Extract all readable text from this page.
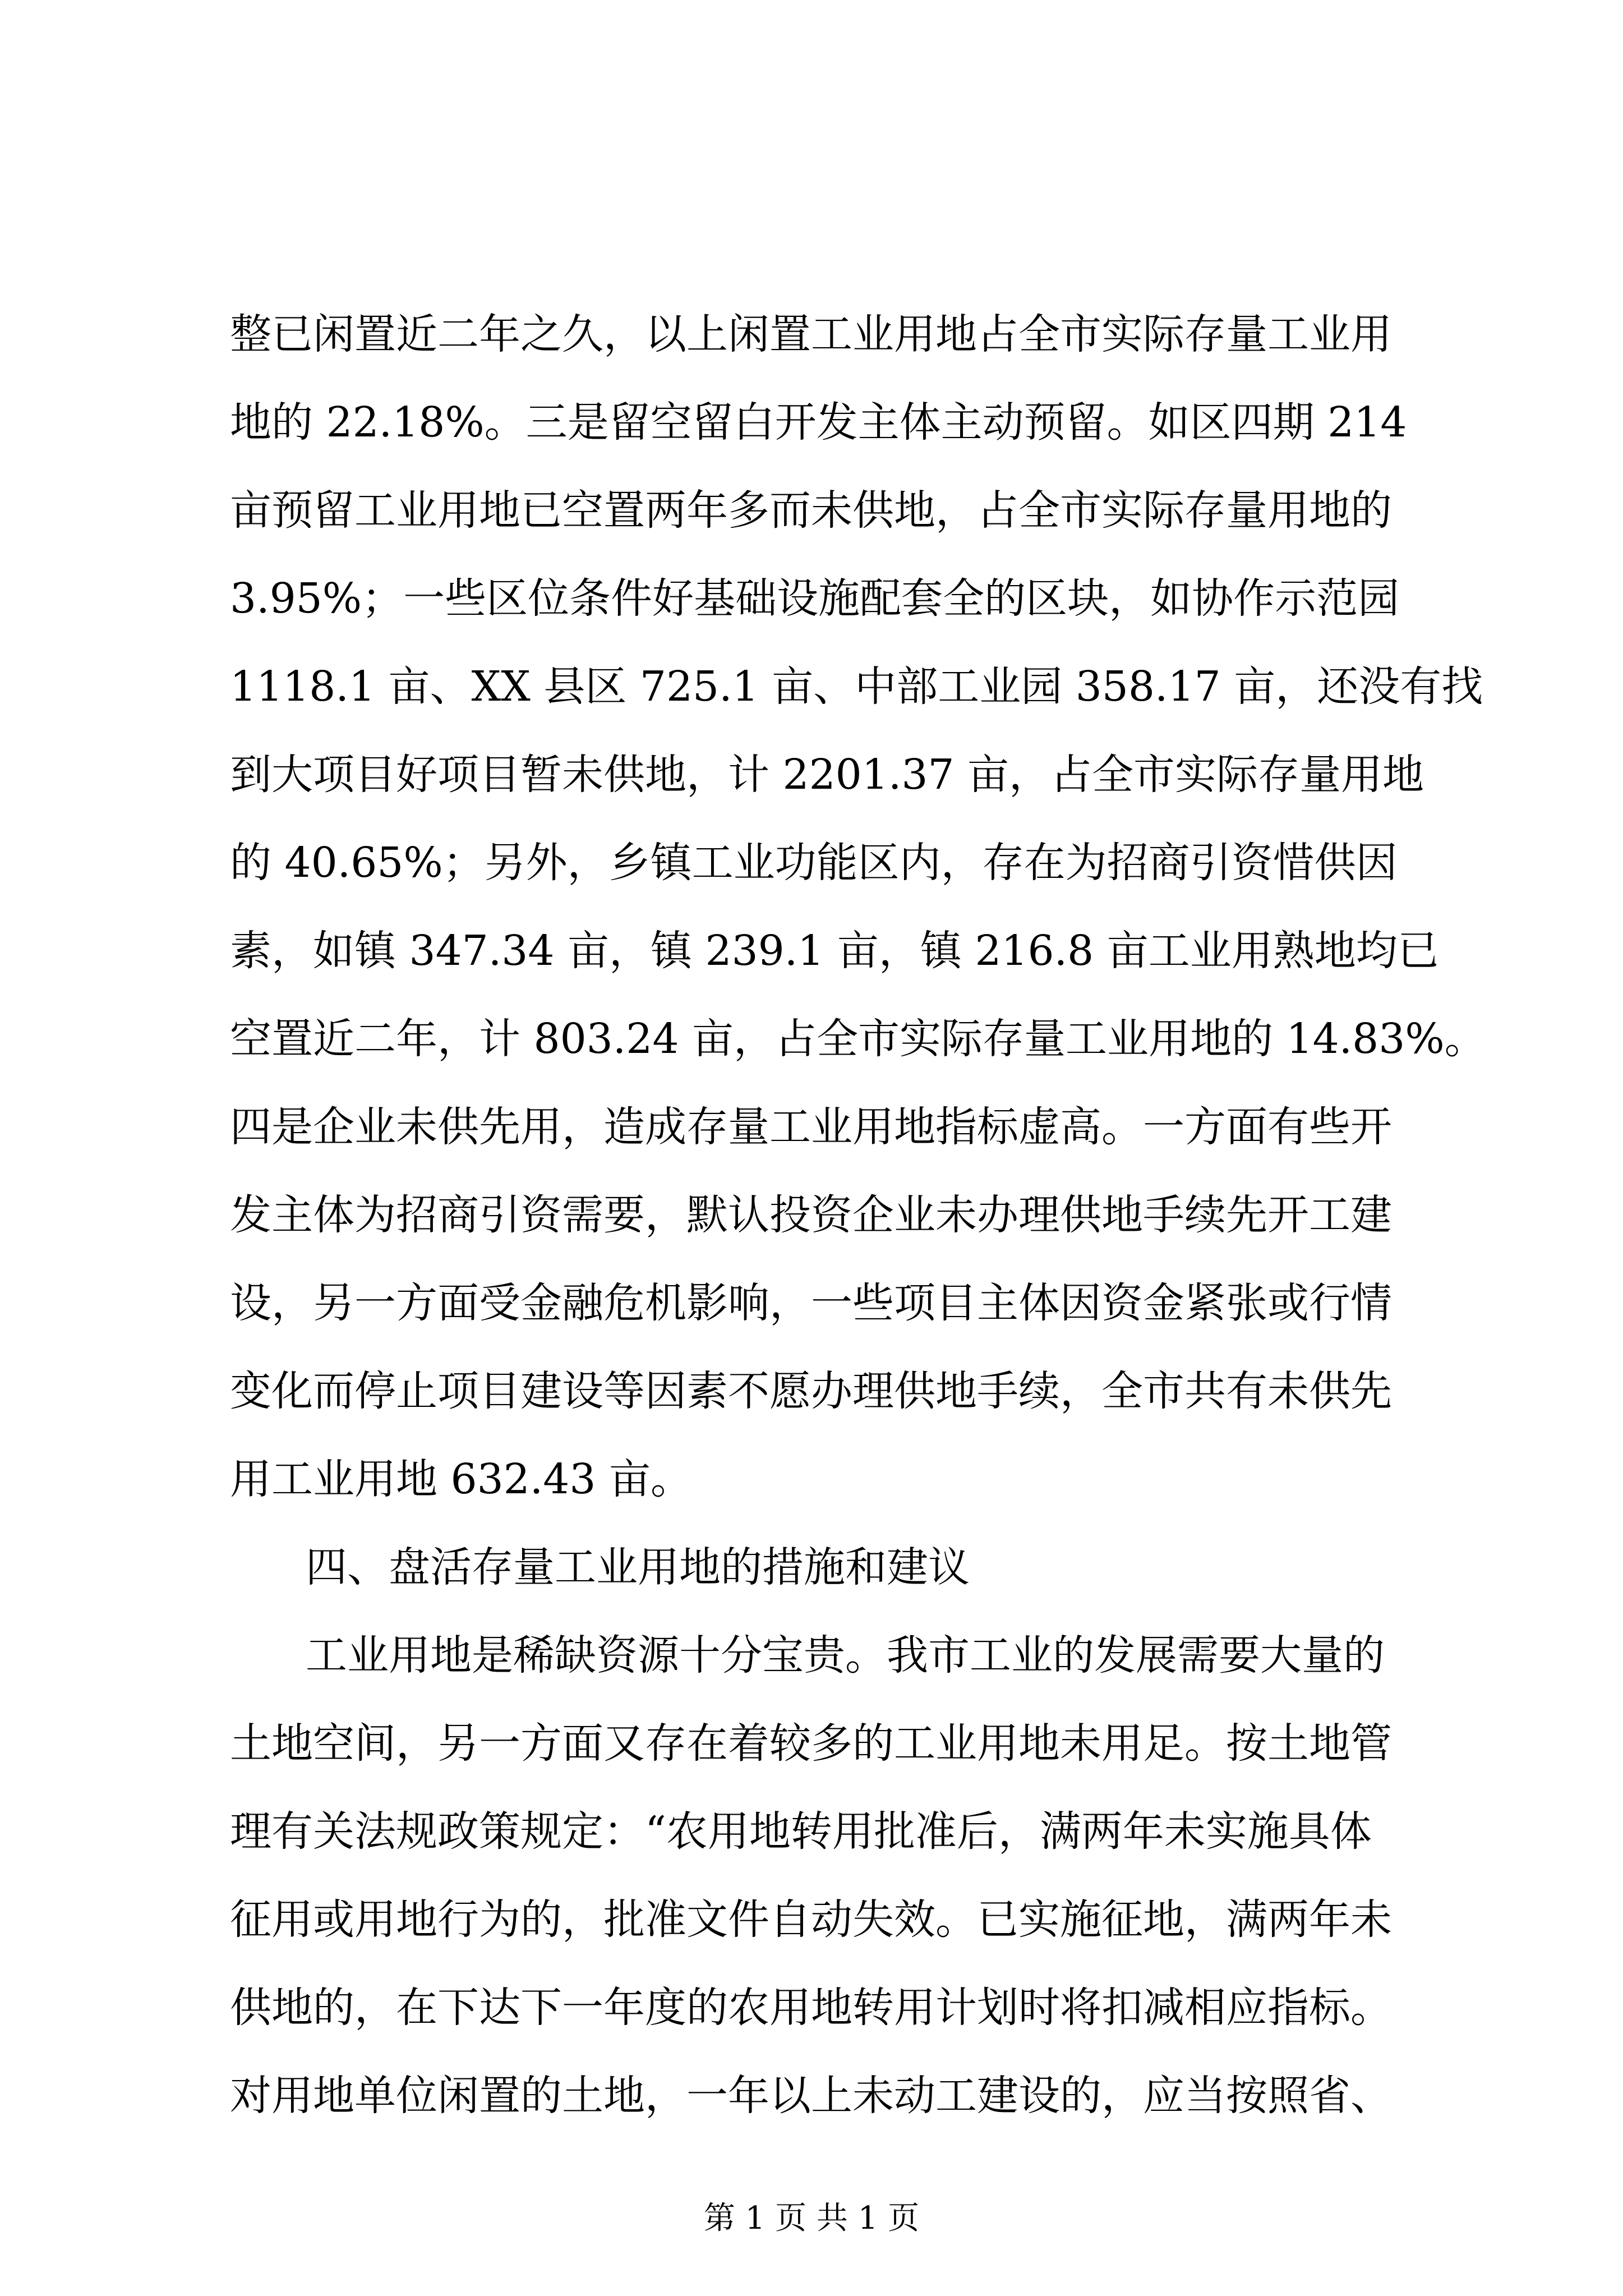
整已闲置近二年之久，以上闲置工业用地占全市实际存量工业用
地的 22.18%。三是留空留白开发主体主动预留。如区四期 214
亩预留工业用地已空置两年多而未供地，占全市实际存量用地的
3.95%；一些区位条件好基础设施配套全的区块，如协作示范园
1118.1 亩、XX 县区 725.1 亩、中部工业园 358.17 亩，还没有找
到大项目好项目暂未供地，计 2201.37 亩，占全市实际存量用地
的 40.65%；另外，乡镇工业功能区内，存在为招商引资惜供因
素，如镇 347.34 亩，镇 239.1 亩，镇 216.8 亩工业用熟地均已
空置近二年，计 803.24 亩，占全市实际存量工业用地的 14.83%。
四是企业未供先用，造成存量工业用地指标虚高。一方面有些开
发主体为招商引资需要，默认投资企业未办理供地手续先开工建
设，另一方面受金融危机影响，一些项目主体因资金紧张或行情
变化而停止项目建设等因素不愿办理供地手续，全市共有未供先
用工业用地 632.43 亩。
四、盘活存量工业用地的措施和建议
工业用地是稀缺资源十分宝贵。我市工业的发展需要大量的
土地空间，另一方面又存在着较多的工业用地未用足。按土地管
理有关法规政策规定：“农用地转用批准后，满两年未实施具体
征用或用地行为的，批准文件自动失效。已实施征地，满两年未
供地的，在下达下一年度的农用地转用计划时将扣减相应指标。
对用地单位闲置的土地，一年以上未动工建设的，应当按照省、
第 1 页 共 1 页
